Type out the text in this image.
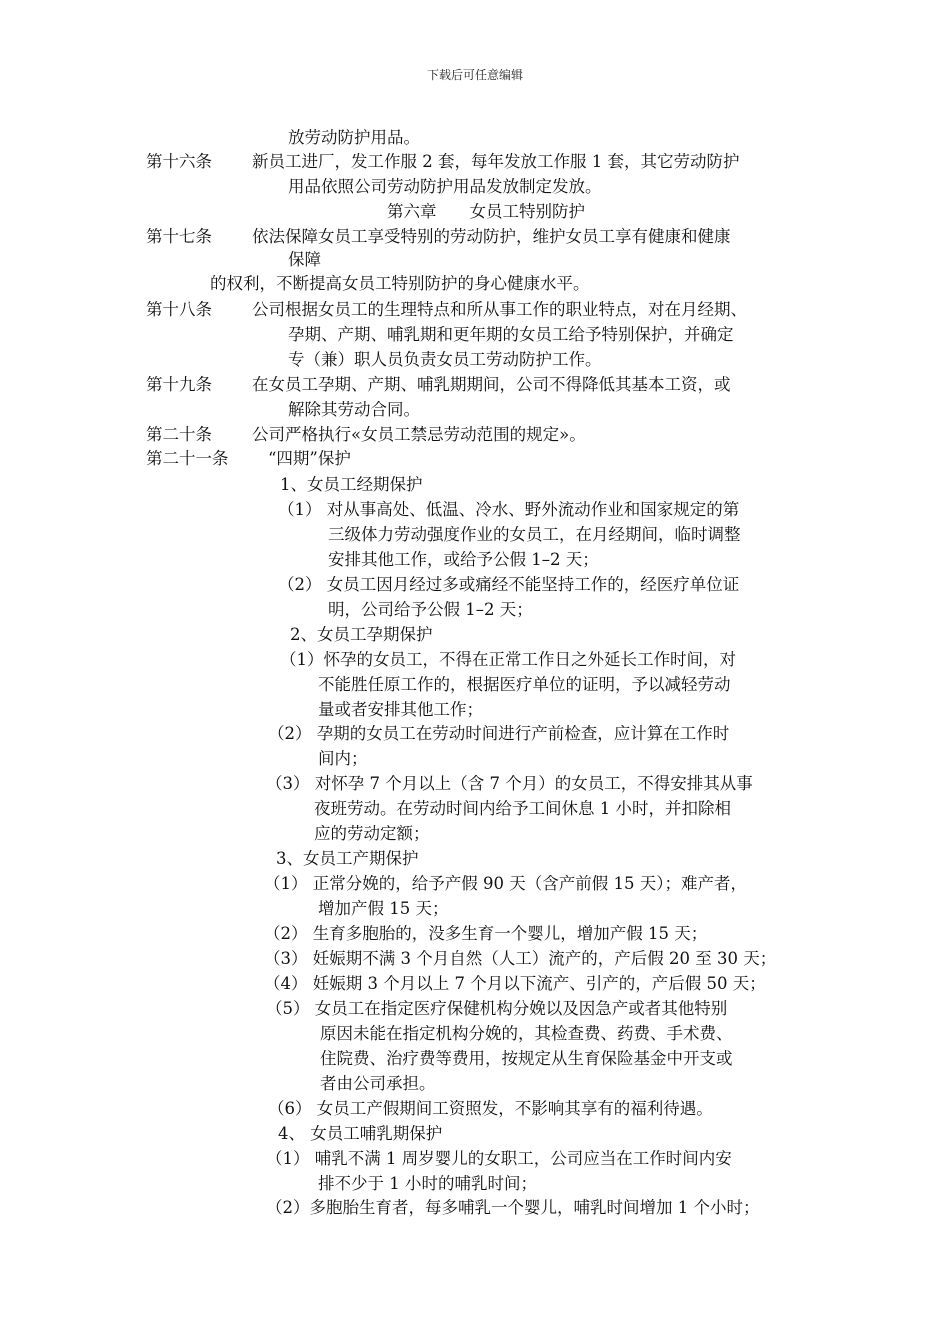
下载后可任意编辑
放劳动防护用品。
第十六条 新员工进厂，发工作服 2 套，每年发放工作服 1 套，其它劳动防护
用品依照公司劳动防护用品发放制定发放。
第六章　　女员工特别防护
第十七条 依法保障女员工享受特别的劳动防护，维护女员工享有健康和健康
保障
的权利，不断提高女员工特别防护的身心健康水平。
第十八条 公司根据女员工的生理特点和所从事工作的职业特点，对在月经期、
孕期、产期、哺乳期和更年期的女员工给予特别保护，并确定
专（兼）职人员负责女员工劳动防护工作。
第十九条 在女员工孕期、产期、哺乳期期间，公司不得降低其基本工资，或
解除其劳动合同。
第二十条 公司严格执行«女员工禁忌劳动范围的规定»。
第二十一条 “四期”保护
1、女员工经期保护
（1） 对从事高处、低温、冷水、野外流动作业和国家规定的第
三级体力劳动强度作业的女员工，在月经期间，临时调整
安排其他工作，或给予公假 1–2 天；
（2） 女员工因月经过多或痛经不能坚持工作的，经医疗单位证
明，公司给予公假 1–2 天；
2、女员工孕期保护
（1）怀孕的女员工，不得在正常工作日之外延长工作时间，对
不能胜任原工作的，根据医疗单位的证明，予以减轻劳动
量或者安排其他工作；
（2） 孕期的女员工在劳动时间进行产前检查，应计算在工作时
间内；
（3） 对怀孕 7 个月以上（含 7 个月）的女员工，不得安排其从事
夜班劳动。在劳动时间内给予工间休息 1 小时，并扣除相
应的劳动定额；
3、女员工产期保护
（1） 正常分娩的，给予产假 90 天（含产前假 15 天）；难产者，
增加产假 15 天；
（2） 生育多胞胎的，没多生育一个婴儿，增加产假 15 天；
（3） 妊娠期不满 3 个月自然（人工）流产的，产后假 20 至 30 天；
（4） 妊娠期 3 个月以上 7 个月以下流产、引产的，产后假 50 天；
（5） 女员工在指定医疗保健机构分娩以及因急产或者其他特别
原因未能在指定机构分娩的，其检查费、药费、手术费、
住院费、治疗费等费用，按规定从生育保险基金中开支或
者由公司承担。
（6） 女员工产假期间工资照发，不影响其享有的福利待遇。
4、 女员工哺乳期保护
（1） 哺乳不满 1 周岁婴儿的女职工，公司应当在工作时间内安
排不少于 1 小时的哺乳时间；
（2）多胞胎生育者，每多哺乳一个婴儿，哺乳时间增加 1 个小时；
